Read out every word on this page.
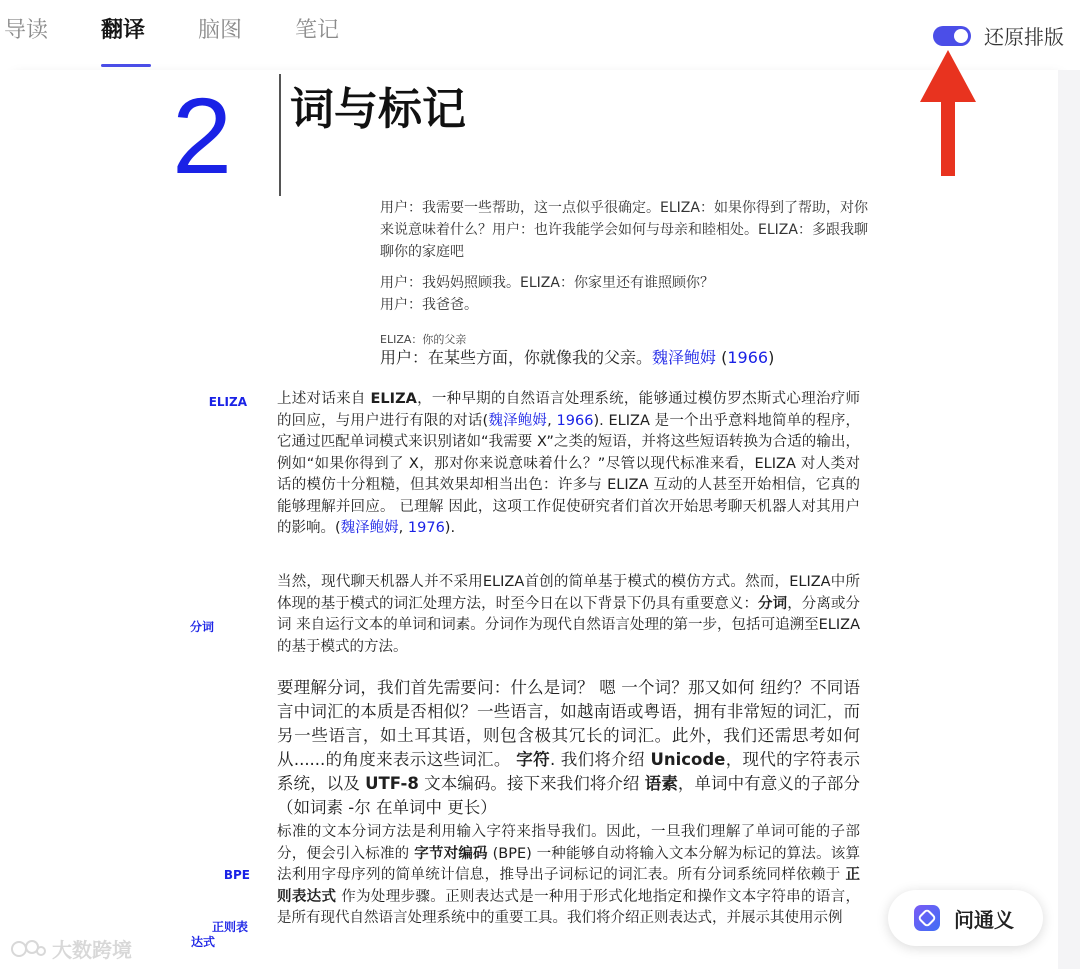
导读 翻译 脑图 笔记	还原排版
2 词与标记
用户：我需要一些帮助，这一点似乎很确定。ELIZA：如果你得到了帮助，对你来说意味着什么？用户：也许我能学会如何与母亲和睦相处。ELIZA：多跟我聊聊你的家庭吧
用户：我妈妈照顾我。ELIZA：你家里还有谁照顾你？
用户：我爸爸。
ELIZA：你的父亲
用户：在某些方面，你就像我的父亲。魏泽鲍姆 (1966)
ELIZA
分词
BPE
正则表
达式
上述对话来自 ELIZA，一种早期的自然语言处理系统，能够通过模仿罗杰斯式心理治疗师的回应，与用户进行有限的对话(魏泽鲍姆, 1966). ELIZA 是一个出乎意料地简单的程序，它通过匹配单词模式来识别诸如“我需要 X”之类的短语，并将这些短语转换为合适的输出，例如“如果你得到了 X，那对你来说意味着什么？”尽管以现代标准来看，ELIZA 对人类对话的模仿十分粗糙，但其效果却相当出色：许多与 ELIZA 互动的人甚至开始相信，它真的能够理解并回应。 已理解 因此，这项工作促使研究者们首次开始思考聊天机器人对其用户的影响。(魏泽鲍姆, 1976).
当然，现代聊天机器人并不采用ELIZA首创的简单基于模式的模仿方式。然而，ELIZA中所体现的基于模式的词汇处理方法，时至今日在以下背景下仍具有重要意义：分词，分离或分词 来自运行文本的单词和词素。分词作为现代自然语言处理的第一步，包括可追溯至ELIZA的基于模式的方法。
要理解分词，我们首先需要问：什么是词？ 嗯 一个词？那又如何 纽约？不同语言中词汇的本质是否相似？一些语言，如越南语或粤语，拥有非常短的词汇，而另一些语言，如土耳其语，则包含极其冗长的词汇。此外，我们还需思考如何从......的角度来表示这些词汇。 字符. 我们将介绍 Unicode，现代的字符表示系统，以及 UTF-8 文本编码。接下来我们将介绍 语素，单词中有意义的子部分（如词素 -尔 在单词中 更长）
标准的文本分词方法是利用输入字符来指导我们。因此，一旦我们理解了单词可能的子部分，便会引入标准的 字节对编码 (BPE) 一种能够自动将输入文本分解为标记的算法。该算法利用字母序列的简单统计信息，推导出子词标记的词汇表。所有分词系统同样依赖于 正则表达式 作为处理步骤。正则表达式是一种用于形式化地指定和操作文本字符串的语言，是所有现代自然语言处理系统中的重要工具。我们将介绍正则表达式，并展示其使用示例	问通义
大数跨境
